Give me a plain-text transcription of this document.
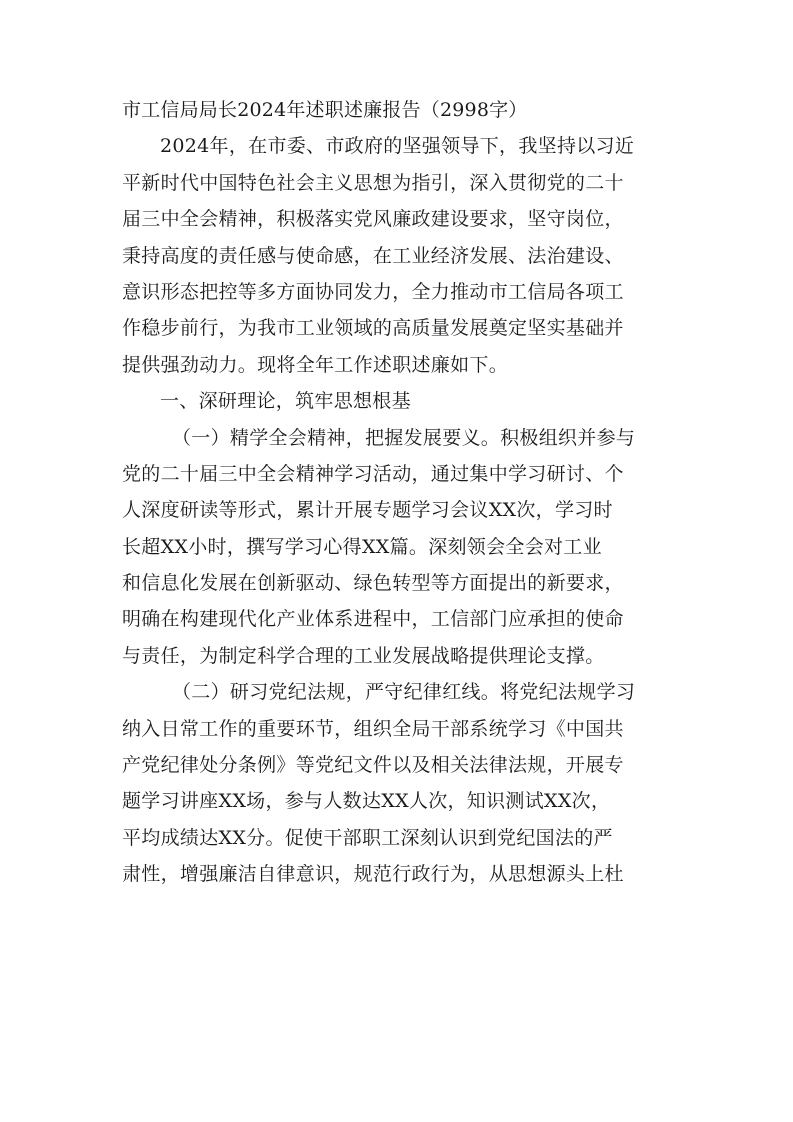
市工信局局长2024年述职述廉报告（2998字）

2024年，在市委、市政府的坚强领导下，我坚持以习近

平新时代中国特色社会主义思想为指引，深入贯彻党的二十

届三中全会精神，积极落实党风廉政建设要求，坚守岗位，

秉持高度的责任感与使命感，在工业经济发展、法治建设、

意识形态把控等多方面协同发力，全力推动市工信局各项工

作稳步前行，为我市工业领域的高质量发展奠定坚实基础并

提供强劲动力。现将全年工作述职述廉如下。

一、深研理论，筑牢思想根基

（一）精学全会精神，把握发展要义。积极组织并参与

党的二十届三中全会精神学习活动，通过集中学习研讨、个

人深度研读等形式，累计开展专题学习会议XX次，学习时

长超XX小时，撰写学习心得XX篇。深刻领会全会对工业

和信息化发展在创新驱动、绿色转型等方面提出的新要求，

明确在构建现代化产业体系进程中，工信部门应承担的使命

与责任，为制定科学合理的工业发展战略提供理论支撑。

（二）研习党纪法规，严守纪律红线。将党纪法规学习

纳入日常工作的重要环节，组织全局干部系统学习《中国共

产党纪律处分条例》等党纪文件以及相关法律法规，开展专

题学习讲座XX场，参与人数达XX人次，知识测试XX次，

平均成绩达XX分。促使干部职工深刻认识到党纪国法的严

肃性，增强廉洁自律意识，规范行政行为，从思想源头上杜
